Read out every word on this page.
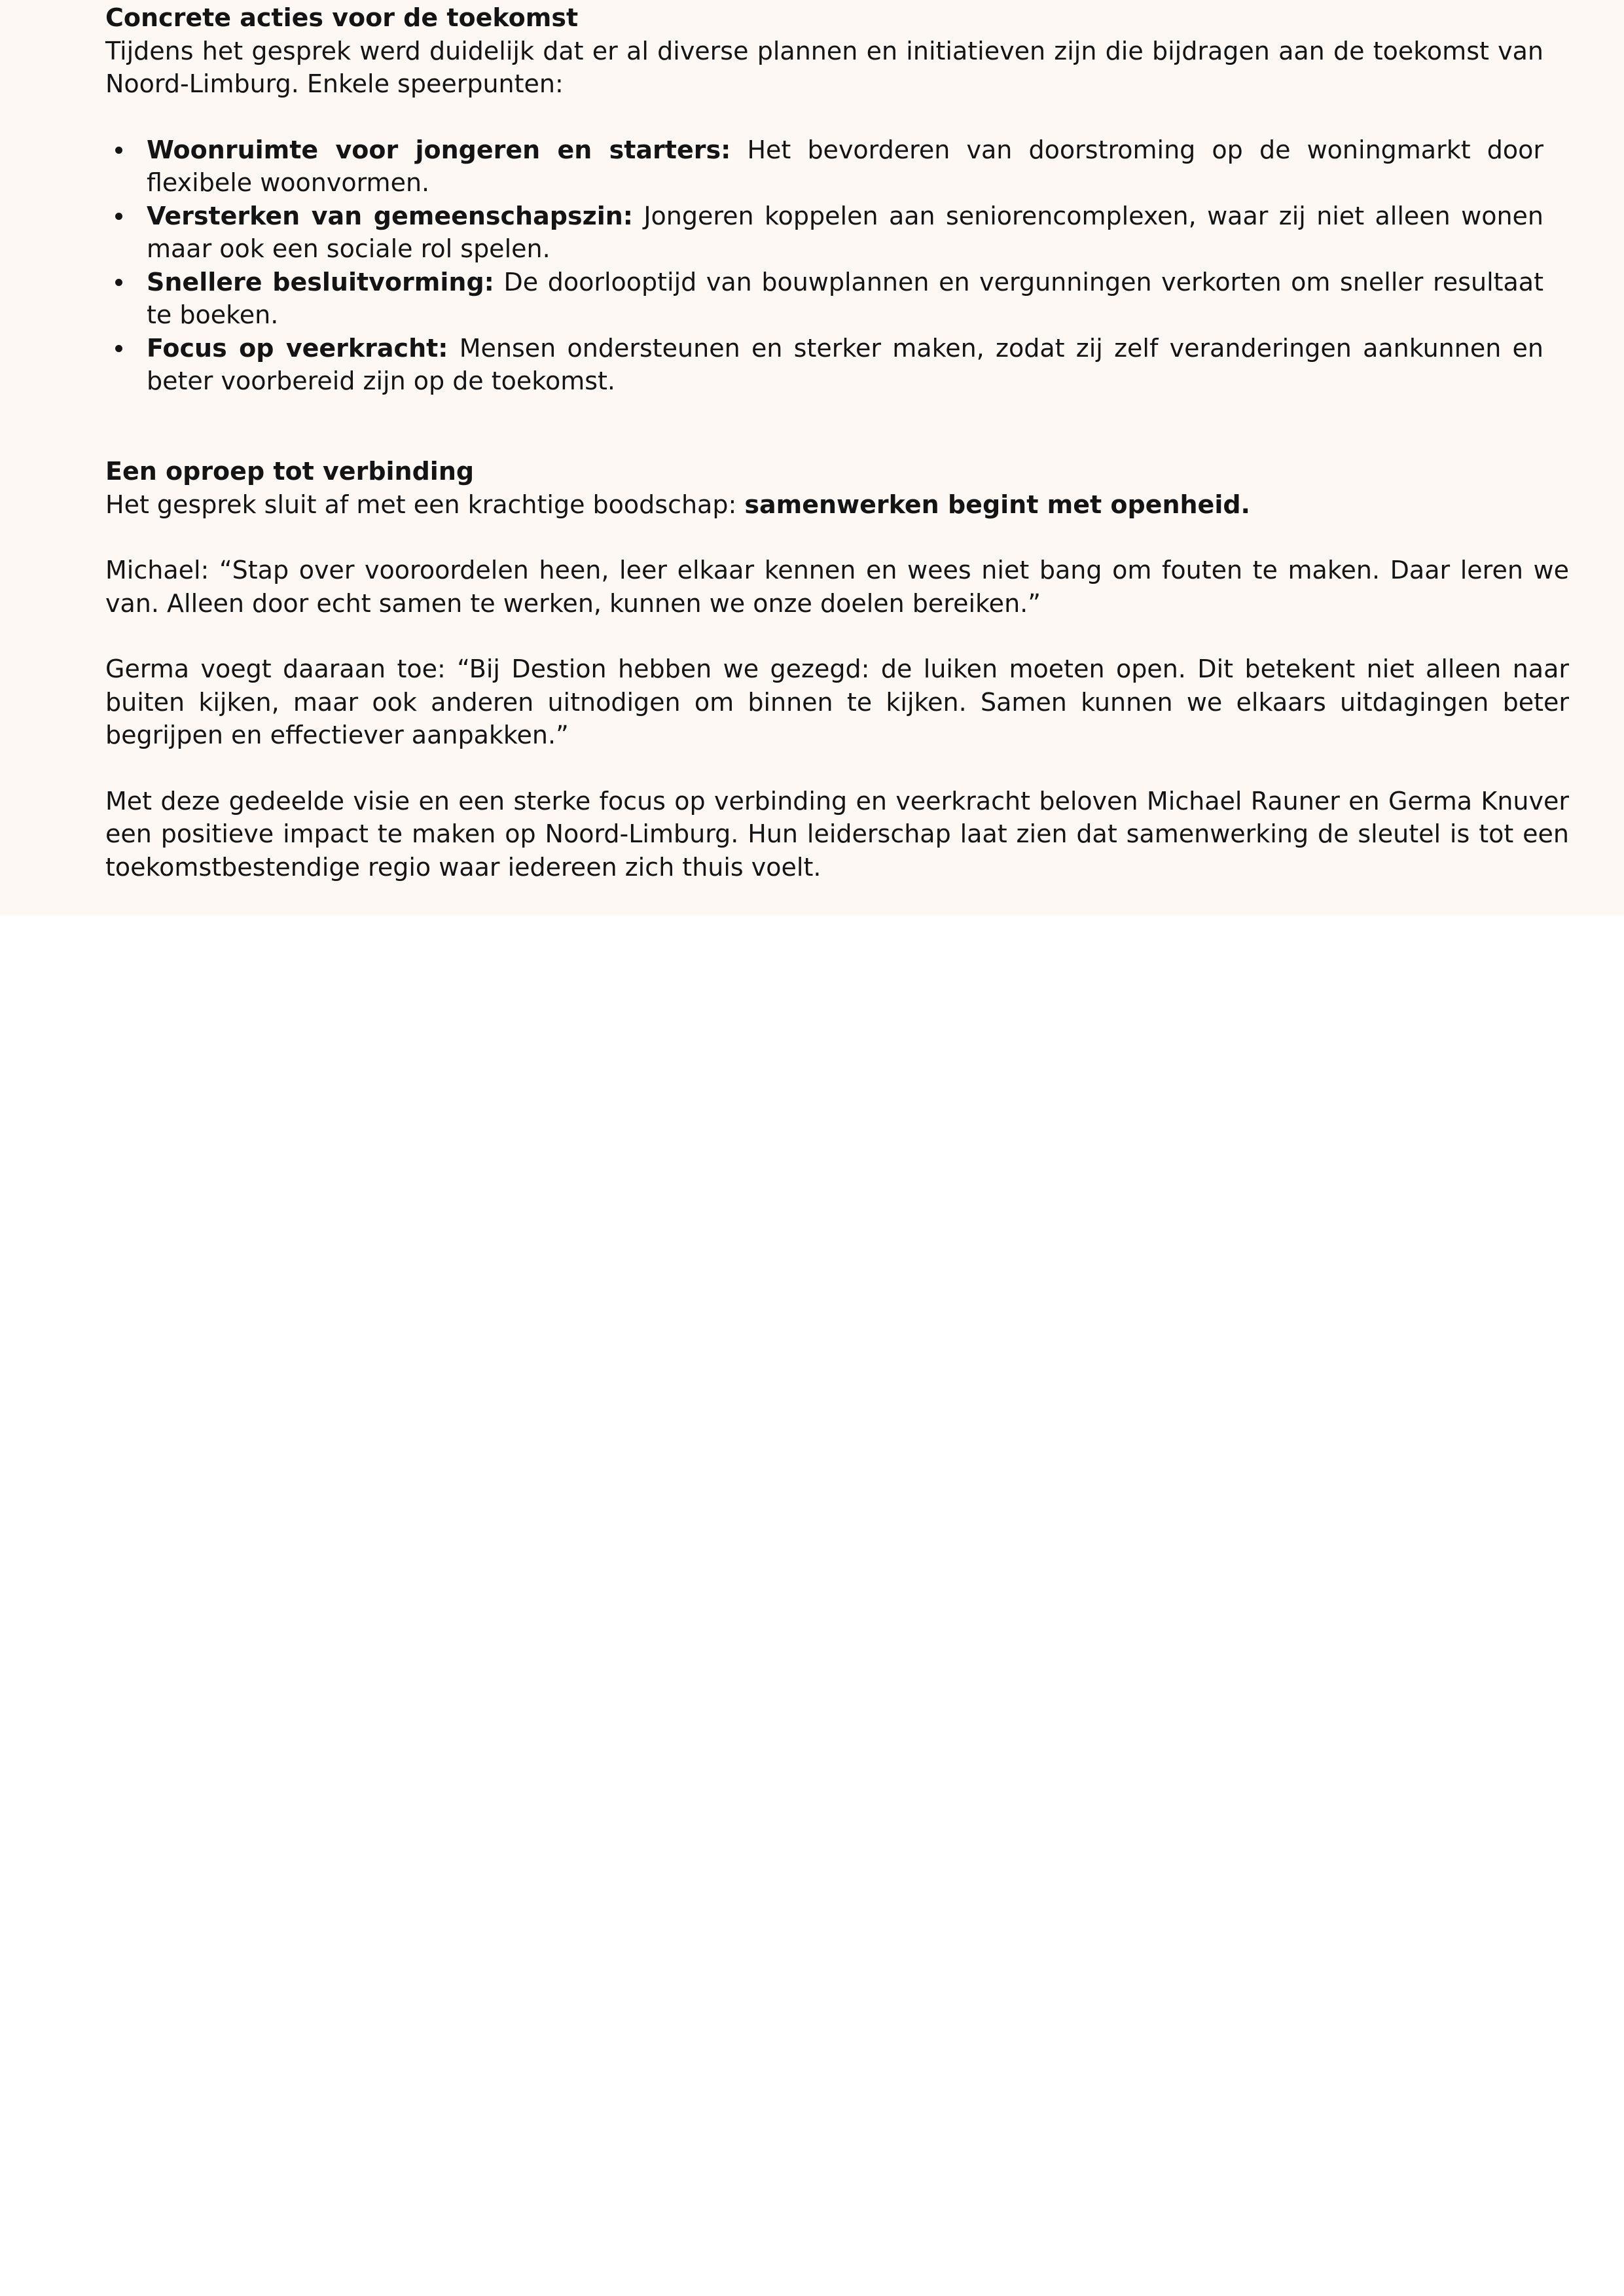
Concrete acties voor de toekomst

Tijdens het gesprek werd duidelijk dat er al diverse plannen en initiatieven zijn die bijdragen aan de toekomst van Noord-Limburg. Enkele speerpunten:

Woonruimte voor jongeren en starters: Het bevorderen van doorstroming op de woningmarkt door flexibele woonvormen.
Versterken van gemeenschapszin: Jongeren koppelen aan seniorencomplexen, waar zij niet alleen wonen maar ook een sociale rol spelen.
Snellere besluitvorming: De doorlooptijd van bouwplannen en vergunningen verkorten om sneller resultaat te boeken.
Focus op veerkracht: Mensen ondersteunen en sterker maken, zodat zij zelf veranderingen aankunnen en beter voorbereid zijn op de toekomst.
Een oproep tot verbinding

Het gesprek sluit af met een krachtige boodschap: samenwerken begint met openheid.

Michael: “Stap over vooroordelen heen, leer elkaar kennen en wees niet bang om fouten te maken. Daar leren we van. Alleen door echt samen te werken, kunnen we onze doelen bereiken.”

Germa voegt daaraan toe: “Bij Destion hebben we gezegd: de luiken moeten open. Dit betekent niet alleen naar buiten kijken, maar ook anderen uitnodigen om binnen te kijken. Samen kunnen we elkaars uitdagingen beter begrijpen en effectiever aanpakken.”

Met deze gedeelde visie en een sterke focus op verbinding en veerkracht beloven Michael Rauner en Germa Knuver een positieve impact te maken op Noord-Limburg. Hun leiderschap laat zien dat samenwerking de sleutel is tot een toekomstbestendige regio waar iedereen zich thuis voelt.
